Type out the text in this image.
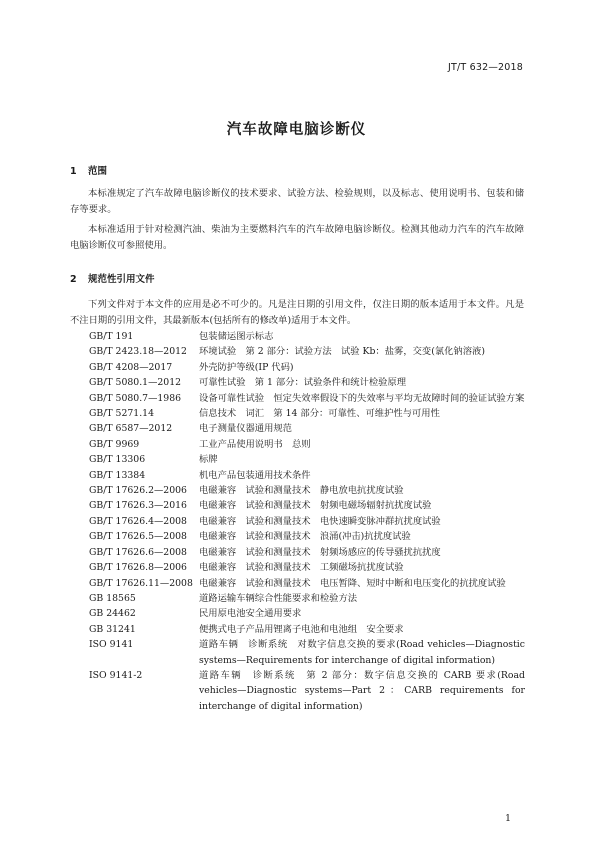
JT/T 632—2018
汽车故障电脑诊断仪
1 范围

本标准规定了汽车故障电脑诊断仪的技术要求、试验方法、检验规则，以及标志、使用说明书、包装和储存等要求。

本标准适用于针对检测汽油、柴油为主要燃料汽车的汽车故障电脑诊断仪。检测其他动力汽车的汽车故障电脑诊断仪可参照使用。

2 规范性引用文件

下列文件对于本文件的应用是必不可少的。凡是注日期的引用文件，仅注日期的版本适用于本文件。凡是不注日期的引用文件，其最新版本(包括所有的修改单)适用于本文件。

GB/T 191	包装储运图示标志
GB/T 2423.18—2012	环境试验　第 2 部分：试验方法　试验 Kb：盐雾，交变(氯化钠溶液)
GB/T 4208—2017	外壳防护等级(IP 代码)
GB/T 5080.1—2012	可靠性试验　第 1 部分：试验条件和统计检验原理
GB/T 5080.7—1986	设备可靠性试验　恒定失效率假设下的失效率与平均无故障时间的验证试验方案
GB/T 5271.14	信息技术　词汇　第 14 部分：可靠性、可维护性与可用性
GB/T 6587—2012	电子测量仪器通用规范
GB/T 9969	工业产品使用说明书　总则
GB/T 13306	标牌
GB/T 13384	机电产品包装通用技术条件
GB/T 17626.2—2006	电磁兼容　试验和测量技术　静电放电抗扰度试验
GB/T 17626.3—2016	电磁兼容　试验和测量技术　射频电磁场辐射抗扰度试验
GB/T 17626.4—2008	电磁兼容　试验和测量技术　电快速瞬变脉冲群抗扰度试验
GB/T 17626.5—2008	电磁兼容　试验和测量技术　浪涌(冲击)抗扰度试验
GB/T 17626.6—2008	电磁兼容　试验和测量技术　射频场感应的传导骚扰抗扰度
GB/T 17626.8—2006	电磁兼容　试验和测量技术　工频磁场抗扰度试验
GB/T 17626.11—2008 电磁兼容　试验和测量技术　电压暂降、短时中断和电压变化的抗扰度试验
GB 18565	道路运输车辆综合性能要求和检验方法
GB 24462	民用原电池安全通用要求
GB 31241	便携式电子产品用锂离子电池和电池组　安全要求
ISO 9141	道路车辆　诊断系统　对数字信息交换的要求(Road vehicles—Diagnostic systems—Requirements for interchange of digital information)
ISO 9141-2	道路车辆　诊断系统　第 2 部分：数字信息交换的 CARB 要求(Road vehicles—Diagnostic systems—Part 2：CARB requirements for interchange of digital information)
1
